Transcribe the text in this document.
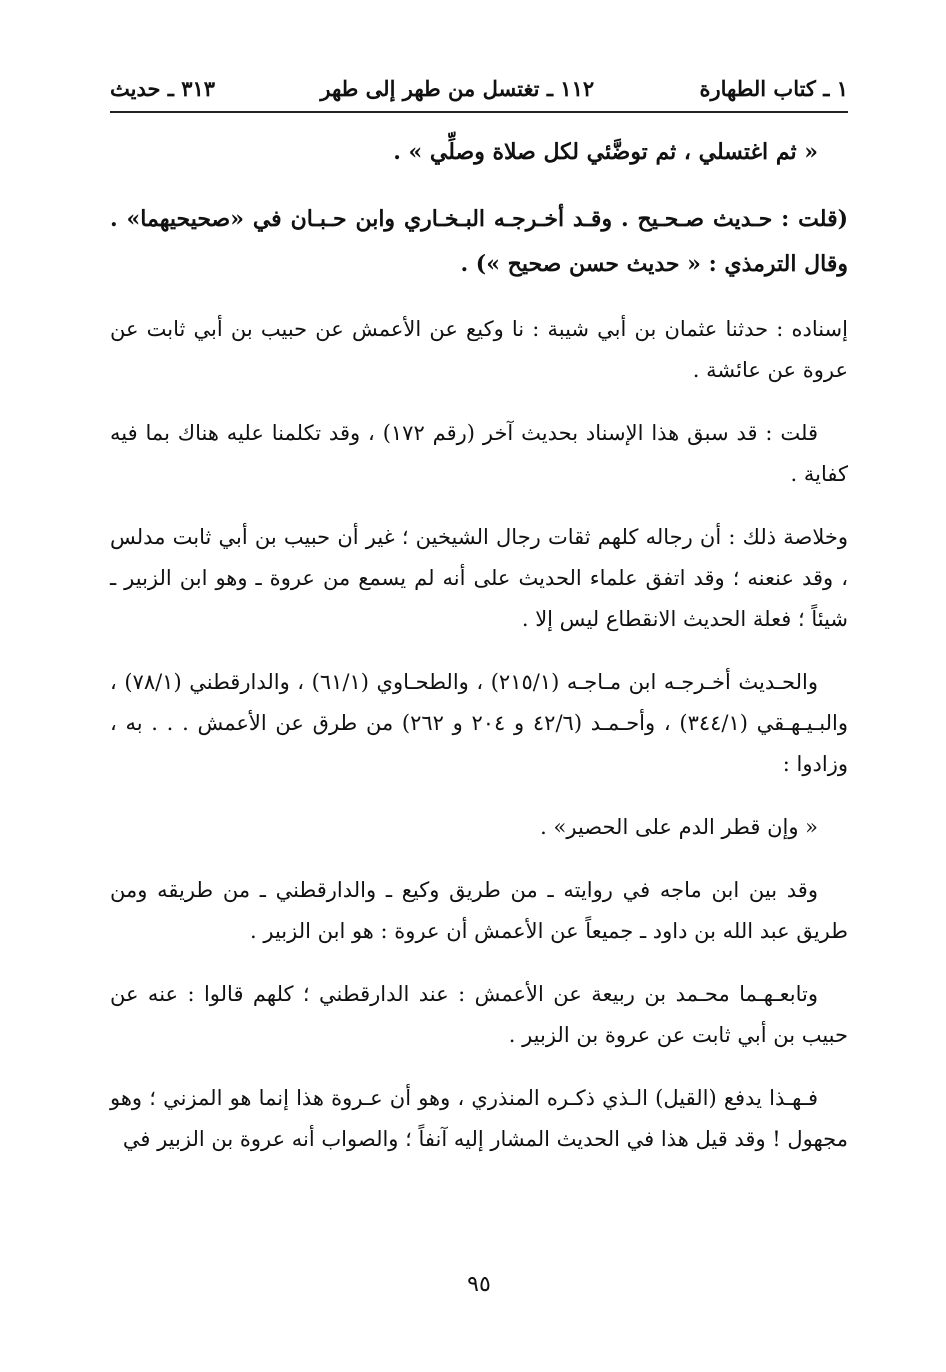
١ ـ كتاب الطهارة
١١٢ ـ تغتسل من طهر إلى طهر
٣١٣ ـ حديث

« ثم اغتسلي ، ثم توضَّئي لكل صلاة وصلِّي » .

(قلت : حـديث صـحـيح . وقـد أخـرجـه البـخـاري وابن حـبـان في «صحيحيهما» . وقال الترمذي : « حديث حسن صحيح ») .

إسناده : حدثنا عثمان بن أبي شيبة : نا وكيع عن الأعمش عن حبيب بن أبي ثابت عن عروة عن عائشة .

قلت : قد سبق هذا الإسناد بحديث آخر (رقم ١٧٢) ، وقد تكلمنا عليه هناك بما فيه كفاية .

وخلاصة ذلك : أن رجاله كلهم ثقات رجال الشيخين ؛ غير أن حبيب بن أبي ثابت مدلس ، وقد عنعنه ؛ وقد اتفق علماء الحديث على أنه لم يسمع من عروة ـ وهو ابن الزبير ـ شيئاً ؛ فعلة الحديث الانقطاع ليس إلا .

والحـديث أخـرجـه ابن مـاجـه (٢١٥/١) ، والطحـاوي (٦١/١) ، والدارقطني (٧٨/١) ، والبـيـهـقي (٣٤٤/١) ، وأحـمـد (٤٢/٦ و ٢٠٤ و ٢٦٢) من طرق عن الأعمش . . . به ، وزادوا :

« وإن قطر الدم على الحصير» .

وقد بين ابن ماجه في روايته ـ من طريق وكيع ـ والدارقطني ـ من طريقه ومن طريق عبد الله بن داود ـ جميعاً عن الأعمش أن عروة : هو ابن الزبير .

وتابعـهـما محـمد بن ربيعة عن الأعمش : عند الدارقطني ؛ كلهم قالوا : عنه عن حبيب بن أبي ثابت عن عروة بن الزبير .

فـهـذا يدفع (القيل) الـذي ذكـره المنذري ، وهو أن عـروة هذا إنما هو المزني ؛ وهو مجهول ! وقد قيل هذا في الحديث المشار إليه آنفاً ؛ والصواب أنه عروة بن الزبير في

٩٥
